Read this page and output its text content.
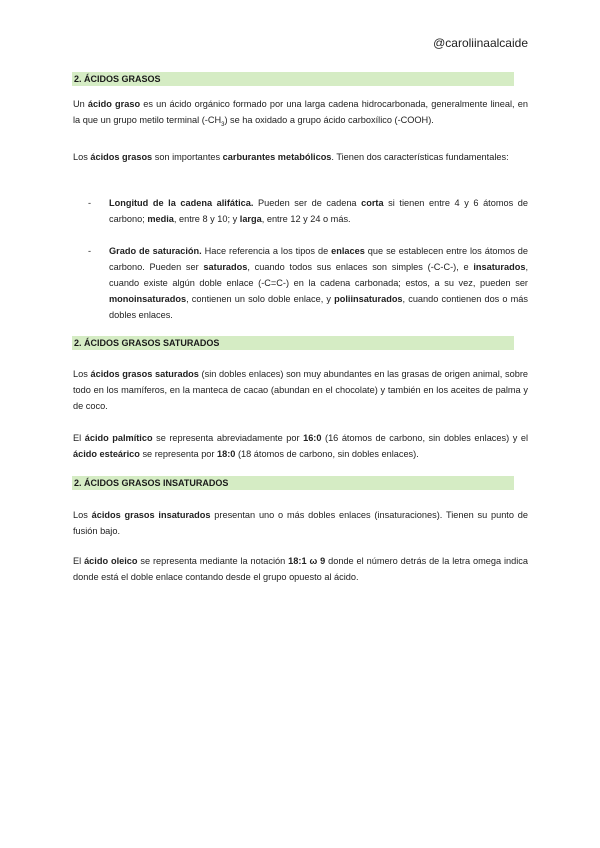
@caroliinaalcaide
2. ÁCIDOS GRASOS

Un ácido graso es un ácido orgánico formado por una larga cadena hidrocarbonada, generalmente lineal, en la que un grupo metilo terminal $(-CH_3)$ se ha oxidado a grupo ácido carboxílico (-COOH).

Los ácidos grasos son importantes carburantes metabólicos. Tienen dos características fundamentales:

- Longitud de la cadena alifática. Pueden ser de cadena corta si tienen entre 4 y 6 átomos de carbono; media, entre 8 y 10; y larga, entre 12 y 24 o más.
- Grado de saturación. Hace referencia a los tipos de enlaces que se establecen entre los átomos de carbono. Pueden ser saturados, cuando todos sus enlaces son simples (-C-C-), e insaturados, cuando existe algún doble enlace (-C=C-) en la cadena carbonada; estos, a su vez, pueden ser monoinsaturados, contienen un solo doble enlace, y poliinsaturados, cuando contienen dos o más dobles enlaces.
2. ÁCIDOS GRASOS SATURADOS

Los ácidos grasos saturados (sin dobles enlaces) son muy abundantes en las grasas de origen animal, sobre todo en los mamíferos, en la manteca de cacao (abundan en el chocolate) y también en los aceites de palma y de coco.

El ácido palmítico se representa abreviadamente por 16:0 (16 átomos de carbono, sin dobles enlaces) y el ácido esteárico se representa por 18:0 (18 átomos de carbono, sin dobles enlaces).

2. ÁCIDOS GRASOS INSATURADOS

Los ácidos grasos insaturados presentan uno o más dobles enlaces (insaturaciones). Tienen su punto de fusión bajo.

El ácido oleico se representa mediante la notación 18:1 ω 9 donde el número detrás de la letra omega indica donde está el doble enlace contando desde el grupo opuesto al ácido.
